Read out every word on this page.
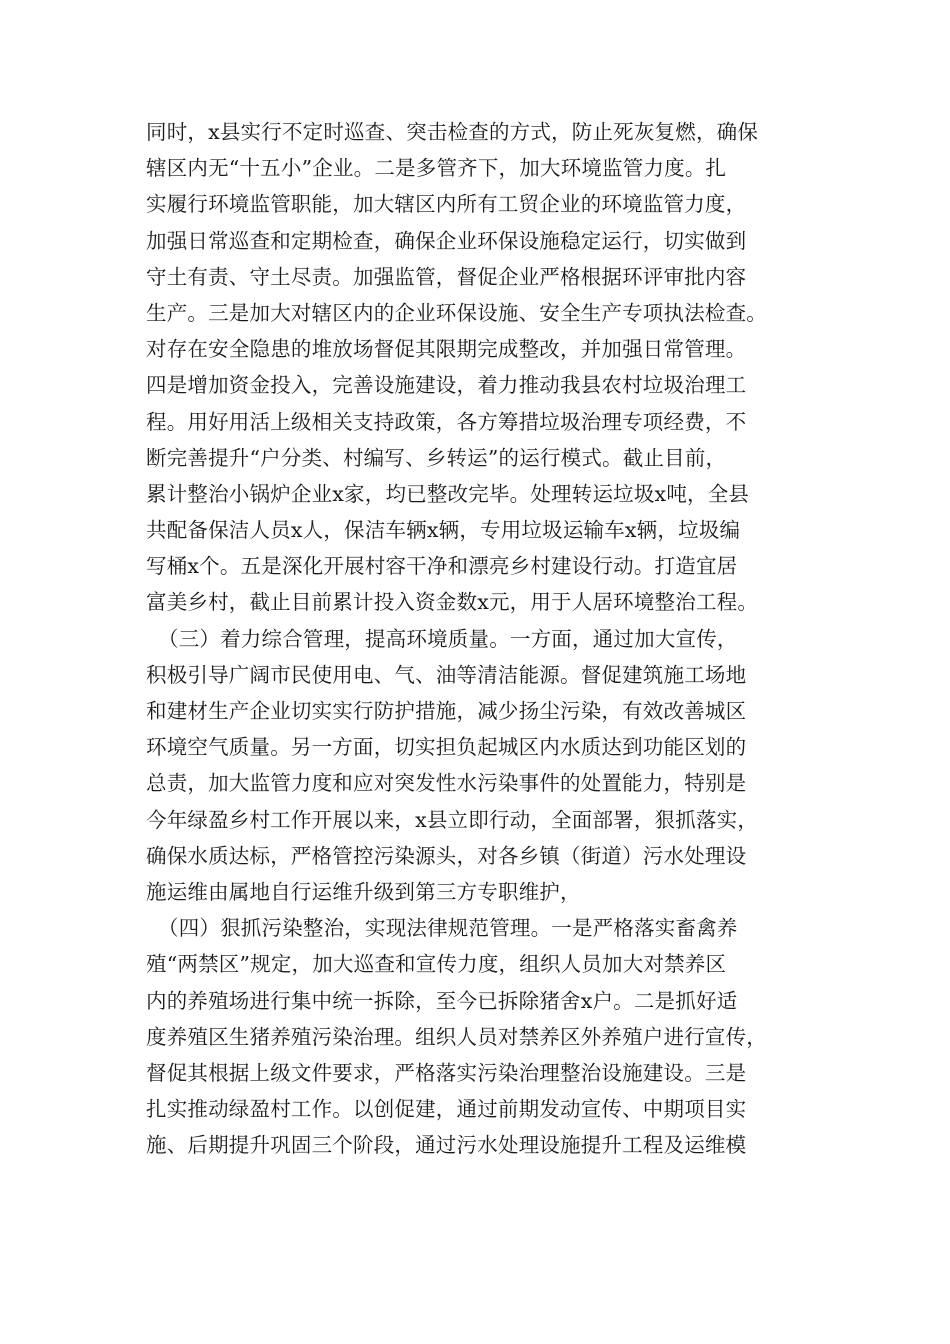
同时，x县实行不定时巡查、突击检查的方式，防止死灰复燃，确保
辖区内无“十五小”企业。二是多管齐下，加大环境监管力度。扎
实履行环境监管职能，加大辖区内所有工贸企业的环境监管力度，
加强日常巡查和定期检查，确保企业环保设施稳定运行，切实做到
守土有责、守土尽责。加强监管，督促企业严格根据环评审批内容
生产。三是加大对辖区内的企业环保设施、安全生产专项执法检查。
对存在安全隐患的堆放场督促其限期完成整改，并加强日常管理。
四是增加资金投入，完善设施建设，着力推动我县农村垃圾治理工
程。用好用活上级相关支持政策，各方筹措垃圾治理专项经费，不
断完善提升“户分类、村编写、乡转运”的运行模式。截止目前，
累计整治小锅炉企业x家，均已整改完毕。处理转运垃圾x吨，全县
共配备保洁人员x人，保洁车辆x辆，专用垃圾运输车x辆，垃圾编
写桶x个。五是深化开展村容干净和漂亮乡村建设行动。打造宜居
富美乡村，截止目前累计投入资金数x元，用于人居环境整治工程。
（三）着力综合管理，提高环境质量。一方面，通过加大宣传，
积极引导广阔市民使用电、气、油等清洁能源。督促建筑施工场地
和建材生产企业切实实行防护措施，减少扬尘污染，有效改善城区
环境空气质量。另一方面，切实担负起城区内水质达到功能区划的
总责，加大监管力度和应对突发性水污染事件的处置能力，特别是
今年绿盈乡村工作开展以来，x县立即行动，全面部署，狠抓落实，
确保水质达标，严格管控污染源头，对各乡镇（街道）污水处理设
施运维由属地自行运维升级到第三方专职维护，
（四）狠抓污染整治，实现法律规范管理。一是严格落实畜禽养
殖“两禁区”规定，加大巡查和宣传力度，组织人员加大对禁养区
内的养殖场进行集中统一拆除，至今已拆除猪舍x户。二是抓好适
度养殖区生猪养殖污染治理。组织人员对禁养区外养殖户进行宣传，
督促其根据上级文件要求，严格落实污染治理整治设施建设。三是
扎实推动绿盈村工作。以创促建，通过前期发动宣传、中期项目实
施、后期提升巩固三个阶段，通过污水处理设施提升工程及运维模
